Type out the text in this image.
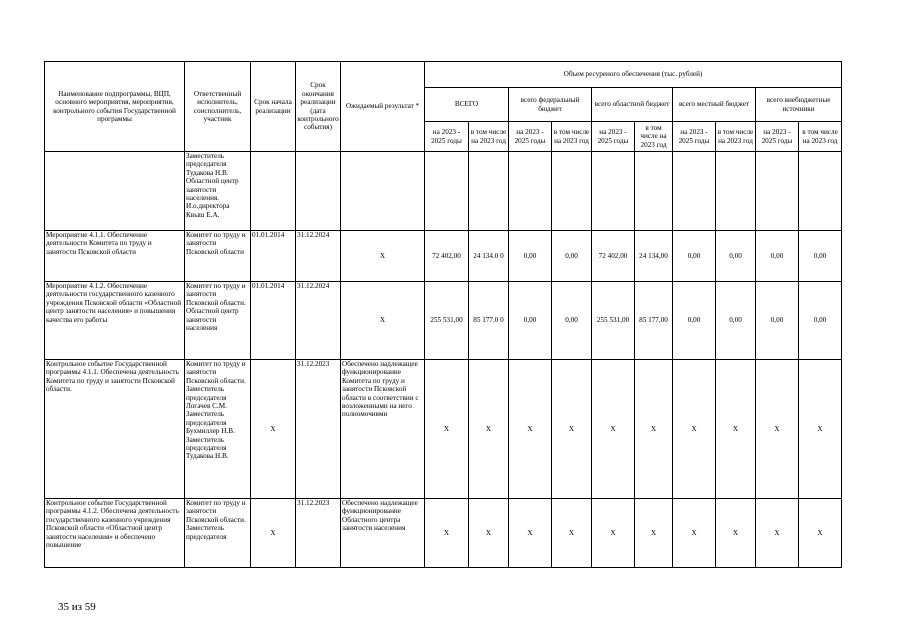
Наименование подпрограммы, ВЦП, основного мероприятия, мероприятия, контрольного события Государственной программы	Ответственный исполнитель, соисполнитель, участник	Срок начала реализации	Срок окончания реализации (дата контрольного события)	Ожидаемый результат *	Объем ресуреного обеспечения (тыс. рублей)									
					ВСЕГО		всего федеральный бюджет		всего областной бюджет		всего местный бюджет		всего внебюджетные источники	
					на 2023 - 2025 годы	в том числе на 2023 год	на 2023 - 2025 годы	в том числе на 2023 год	на 2023 - 2025 годы	в том числе на 2023 год	на 2023 - 2025 годы	в том числе на 2023 год	на 2023 - 2025 годы	в том числе на 2023 год
	Заместитель председателя Тудакова Н.В. Областной центр занятости населения. И.о.директора Квыш Е.А.													
Мероприятие 4.1.1. Обеспечение деятельности Комитета по труду и занятости Псковской области	Комитет по труду и занятости Псковской области	01.01.2014	31.12.2024	X	72 402,00	24 134.0 0	0,00	0,00	72 402,00	24 134,00	0,00	0,00	0,00	0,00
Мероприятие 4.1.2. Обеспечение деятельности государственного казенного учреждения Псковской области «Областной центр занятости населения» и повышения качества его работы	Комитет по труду и занятости Псковской области. Областной центр занятости населения	01.01.2014	31.12.2024	X	255 531,00	85 177.0 0	0,00	0,00	255 531,00	85 177,00	0,00	0,00	0,00	0,00
Контрольное событие Государственной программы 4.1.1. Обеспечена деятельность Комитета по труду и занятости Псковской области.	Комитет по труду и занятости Псковской области. Заместитель председателя Логачев С.М. Заместитель председателя Бухмиллер Н.В. Заместитель председателя Тудакова Н.В.	X	31.12.2023	Обеспечено надлежащее функционирование Комитета по труду и занятости Псковской области в соответствии с возложенными на него полномочиями	X	X	X	X	X	X	X	X	X	X
Контрольное событие Государственной программы 4.1.2. Обеспечена деятельность государственного казенного учреждения Псковской области «Областной центр занятости населения» и обеспечено повышение	Комитет по труду и занятости Псковской области. Заместитель председателя	X	31.12.2023	Обеспечено надлежащее функционирование Областного центра занятости населения	X	X	X	X	X	X	X	X	X	X
35 из 59
